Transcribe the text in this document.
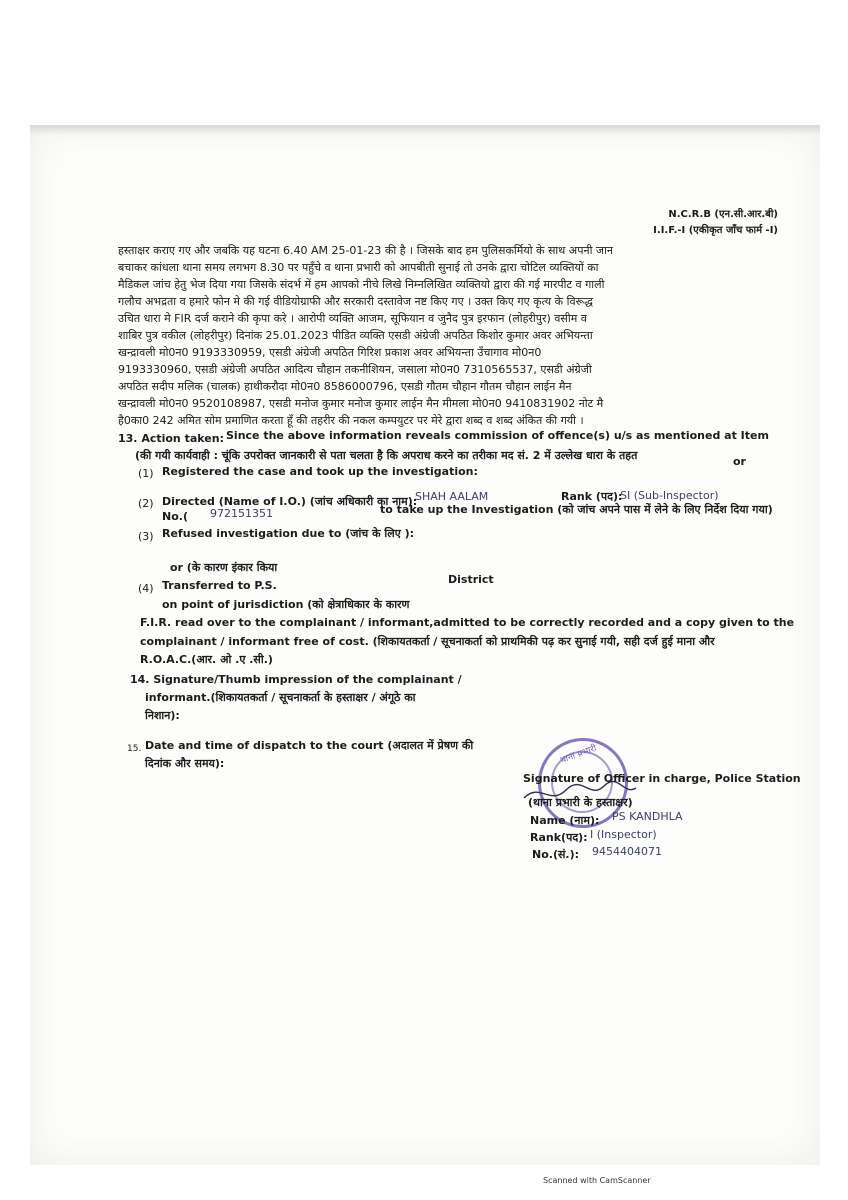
N.C.R.B (एन.सी.आर.बी)
I.I.F.-I (एकीकृत जाँच फार्म -I)
हस्ताक्षर कराए गए और जबकि यह घटना 6.40 AM 25-01-23 की है । जिसके बाद हम पुलिसकर्मियो के साथ अपनी जान
बचाकर कांधला थाना समय लगभग 8.30 पर पहुँचे व थाना प्रभारी को आपबीती सुनाई तो उनके द्वारा चोटिल व्यक्तियों का
मैडिकल जांच हेतु भेज दिया गया जिसके संदर्भ में हम आपको नीचे लिखे निम्नलिखित व्यक्तियो द्वारा की गई मारपीट व गाली
गलौच अभद्रता व हमारे फोन मे की गई वीडियोग्राफी और सरकारी दस्तावेज नष्ट किए गए । उक्त किए गए कृत्य के विरूद्ध
उचित धारा मे FIR दर्ज कराने की कृपा करे । आरोपी व्यक्ति आजम, सूफियान व जुनैद पुत्र इरफान (लोहरीपुर) वसीम व
शाबिर पुत्र वकील (लोहरीपुर) दिनांक 25.01.2023 पीडित व्यक्ति एसडी अंग्रेजी अपठित किशोर कुमार अवर अभियन्ता
खन्द्रावली मो0न0 9193330959, एसडी अंग्रेजी अपठित गिरिश प्रकाश अवर अभियन्ता उँचागाव मो0न0
9193330960, एसडी अंग्रेजी अपठित आदित्य चौहान तकनीशियन, जसाला मो0न0 7310565537, एसडी अंग्रेजी
अपठित सदीप मलिक (चालक) हाथीकरौदा मो0न0 8586000796, एसडी गौतम चौहान गौतम चौहान लाईन मैन
खन्द्रावली मो0न0 9520108987, एसडी मनोज कुमार मनोज कुमार लाईन मैन मीमला मो0न0 9410831902 नोट मै
है0का0 242 अमित सोम प्रमाणित करता हूँ की तहरीर की नकल कम्पयुटर पर मेरे द्वारा शब्द व शब्द अंकित की गयी ।
13. Action taken: Since the above information reveals commission of offence(s) u/s as mentioned at Item
(की गयी कार्यवाही : चूंकि उपरोक्त जानकारी से पता चलता है कि अपराध करने का तरीका मद सं. 2 में उल्लेख धारा के तहत	or
(1) Registered the case and took up the investigation:
(2) Directed (Name of I.O.) (जांच अधिकारी का नाम):
SHAH AALAM	Rank (पद):
SI (Sub-Inspector)
No.( 972151351	to take up the Investigation (को जांच अपने पास में लेने के लिए निर्देश दिया गया)
(3) Refused investigation due to (जांच के लिए ):
or (के कारण इंकार किया
(4) Transferred to P.S.	District
on point of jurisdiction (को क्षेत्राधिकार के कारण
F.I.R. read over to the complainant / informant,admitted to be correctly recorded and a copy given to the
complainant / informant free of cost. (शिकायतकर्ता / सूचनाकर्ता को प्राथमिकी पढ़ कर सुनाई गयी, सही दर्ज हुई माना और
R.O.A.C.(आर. ओ .ए .सी.)
14. Signature/Thumb impression of the complainant /
informant.(शिकायतकर्ता / सूचनाकर्ता के हस्ताक्षर / अंगूठे का
निशान):
15. Date and time of dispatch to the court (अदालत में प्रेषण की
दिनांक और समय):	थाना प्रभारी
Signature of Officer in charge, Police Station
(थाना प्रभारी के हस्ताक्षर)
Name (नाम): PS KANDHLA
Rank(पद): I (Inspector)
No.(सं.): 9454404071
Scanned with CamScanner
